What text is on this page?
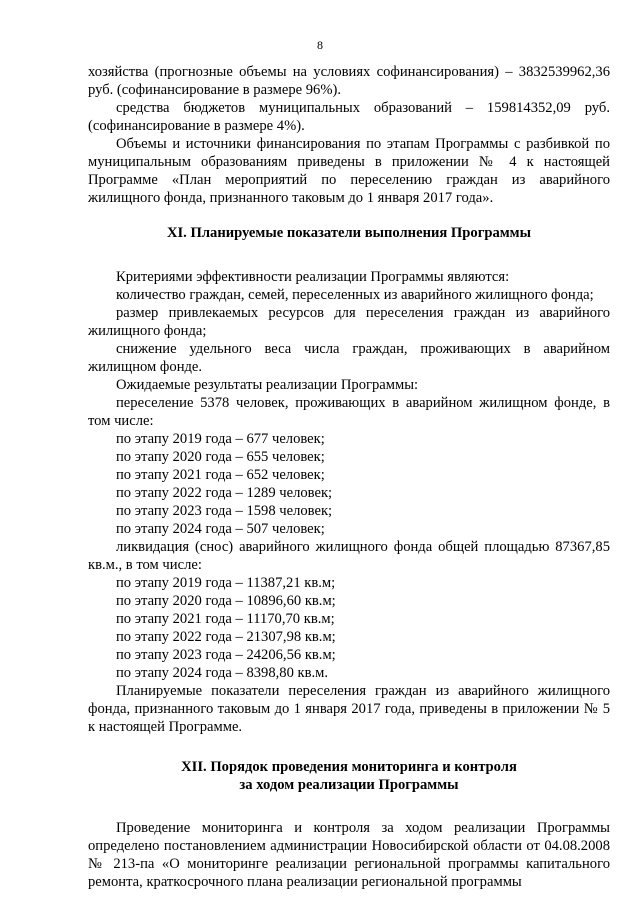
8

хозяйства (прогнозные объемы на условиях софинансирования) – 3832539962,36 руб. (софинансирование в размере 96%).

средства бюджетов муниципальных образований – 159814352,09 руб. (софинансирование в размере 4%).

Объемы и источники финансирования по этапам Программы с разбивкой по муниципальным образованиям приведены в приложении № 4 к настоящей Программе «План мероприятий по переселению граждан из аварийного жилищного фонда, признанного таковым до 1 января 2017 года».

XI. Планируемые показатели выполнения Программы

Критериями эффективности реализации Программы являются:

количество граждан, семей, переселенных из аварийного жилищного фонда;

размер привлекаемых ресурсов для переселения граждан из аварийного жилищного фонда;

снижение удельного веса числа граждан, проживающих в аварийном жилищном фонде.

Ожидаемые результаты реализации Программы:

переселение 5378 человек, проживающих в аварийном жилищном фонде, в том числе:

по этапу 2019 года – 677 человек;

по этапу 2020 года – 655 человек;

по этапу 2021 года – 652 человек;

по этапу 2022 года – 1289 человек;

по этапу 2023 года – 1598 человек;

по этапу 2024 года – 507 человек;

ликвидация (снос) аварийного жилищного фонда общей площадью 87367,85 кв.м., в том числе:

по этапу 2019 года – 11387,21 кв.м;

по этапу 2020 года – 10896,60 кв.м;

по этапу 2021 года – 11170,70 кв.м;

по этапу 2022 года – 21307,98 кв.м;

по этапу 2023 года – 24206,56 кв.м;

по этапу 2024 года – 8398,80 кв.м.

Планируемые показатели переселения граждан из аварийного жилищного фонда, признанного таковым до 1 января 2017 года, приведены в приложении № 5 к настоящей Программе.

XII. Порядок проведения мониторинга и контроля

за ходом реализации Программы

Проведение мониторинга и контроля за ходом реализации Программы определено постановлением администрации Новосибирской области от 04.08.2008 № 213-па «О мониторинге реализации региональной программы капитального ремонта, краткосрочного плана реализации региональной программы
